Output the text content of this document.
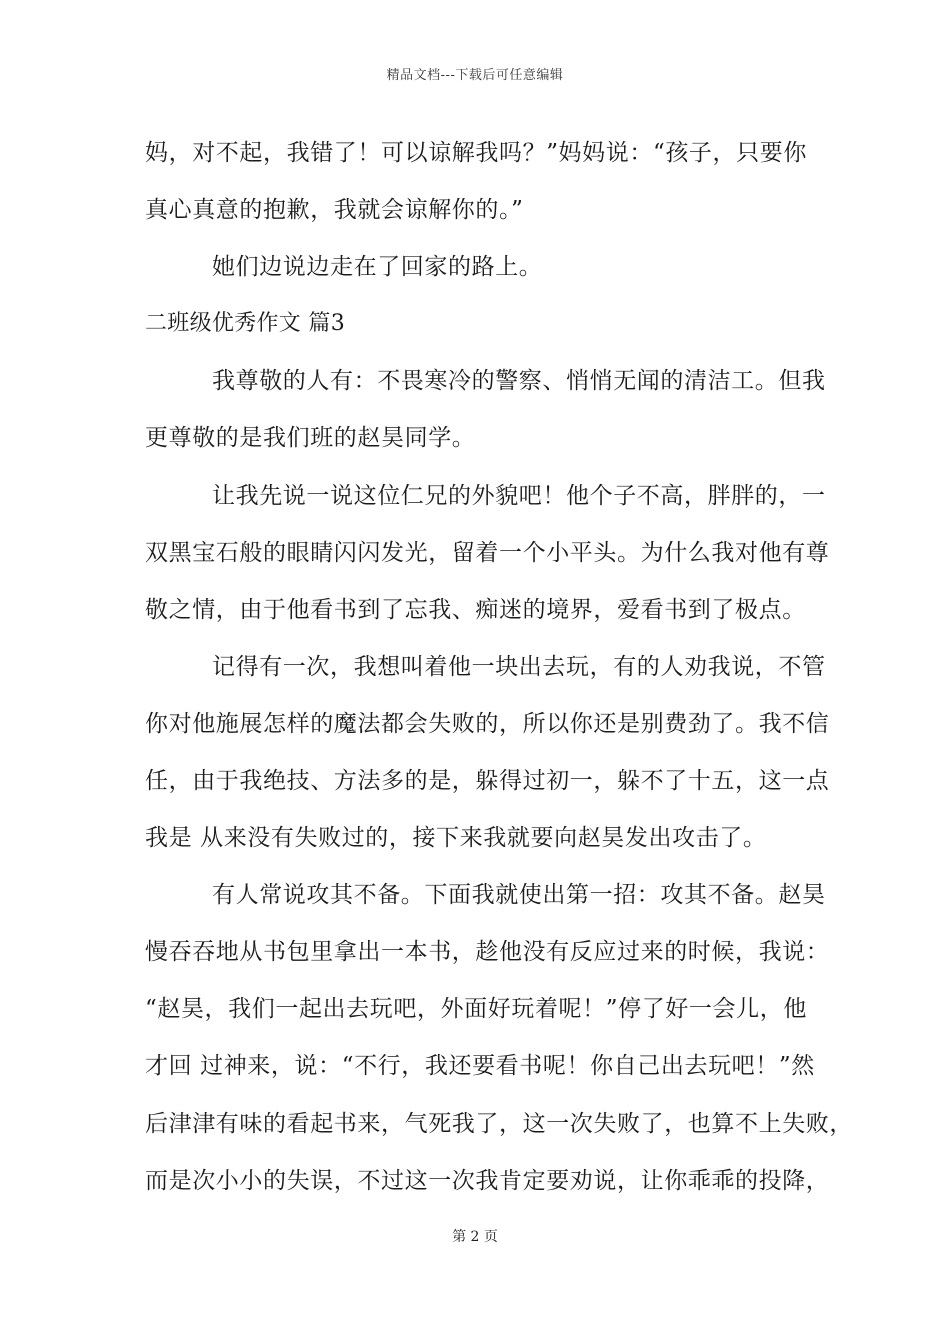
精品文档---下载后可任意编辑
妈，对不起，我错了！可以谅解我吗？”妈妈说：“孩子，只要你
真心真意的抱歉，我就会谅解你的。”
她们边说边走在了回家的路上。
二班级优秀作文 篇3
我尊敬的人有：不畏寒冷的警察、悄悄无闻的清洁工。但我
更尊敬的是我们班的赵昊同学。
让我先说一说这位仁兄的外貌吧！他个子不高，胖胖的，一
双黑宝石般的眼睛闪闪发光，留着一个小平头。为什么我对他有尊
敬之情，由于他看书到了忘我、痴迷的境界，爱看书到了极点。
记得有一次，我想叫着他一块出去玩，有的人劝我说，不管
你对他施展怎样的魔法都会失败的，所以你还是别费劲了。我不信
任，由于我绝技、方法多的是，躲得过初一，躲不了十五，这一点
我是 从来没有失败过的，接下来我就要向赵昊发出攻击了。
有人常说攻其不备。下面我就使出第一招：攻其不备。赵昊
慢吞吞地从书包里拿出一本书，趁他没有反应过来的时候，我说：
“赵昊，我们一起出去玩吧，外面好玩着呢！”停了好一会儿，他
才回 过神来，说：“不行，我还要看书呢！你自己出去玩吧！”然
后津津有味的看起书来，气死我了，这一次失败了，也算不上失败，
而是次小小的失误，不过这一次我肯定要劝说，让你乖乖的投降，
第 2 页
